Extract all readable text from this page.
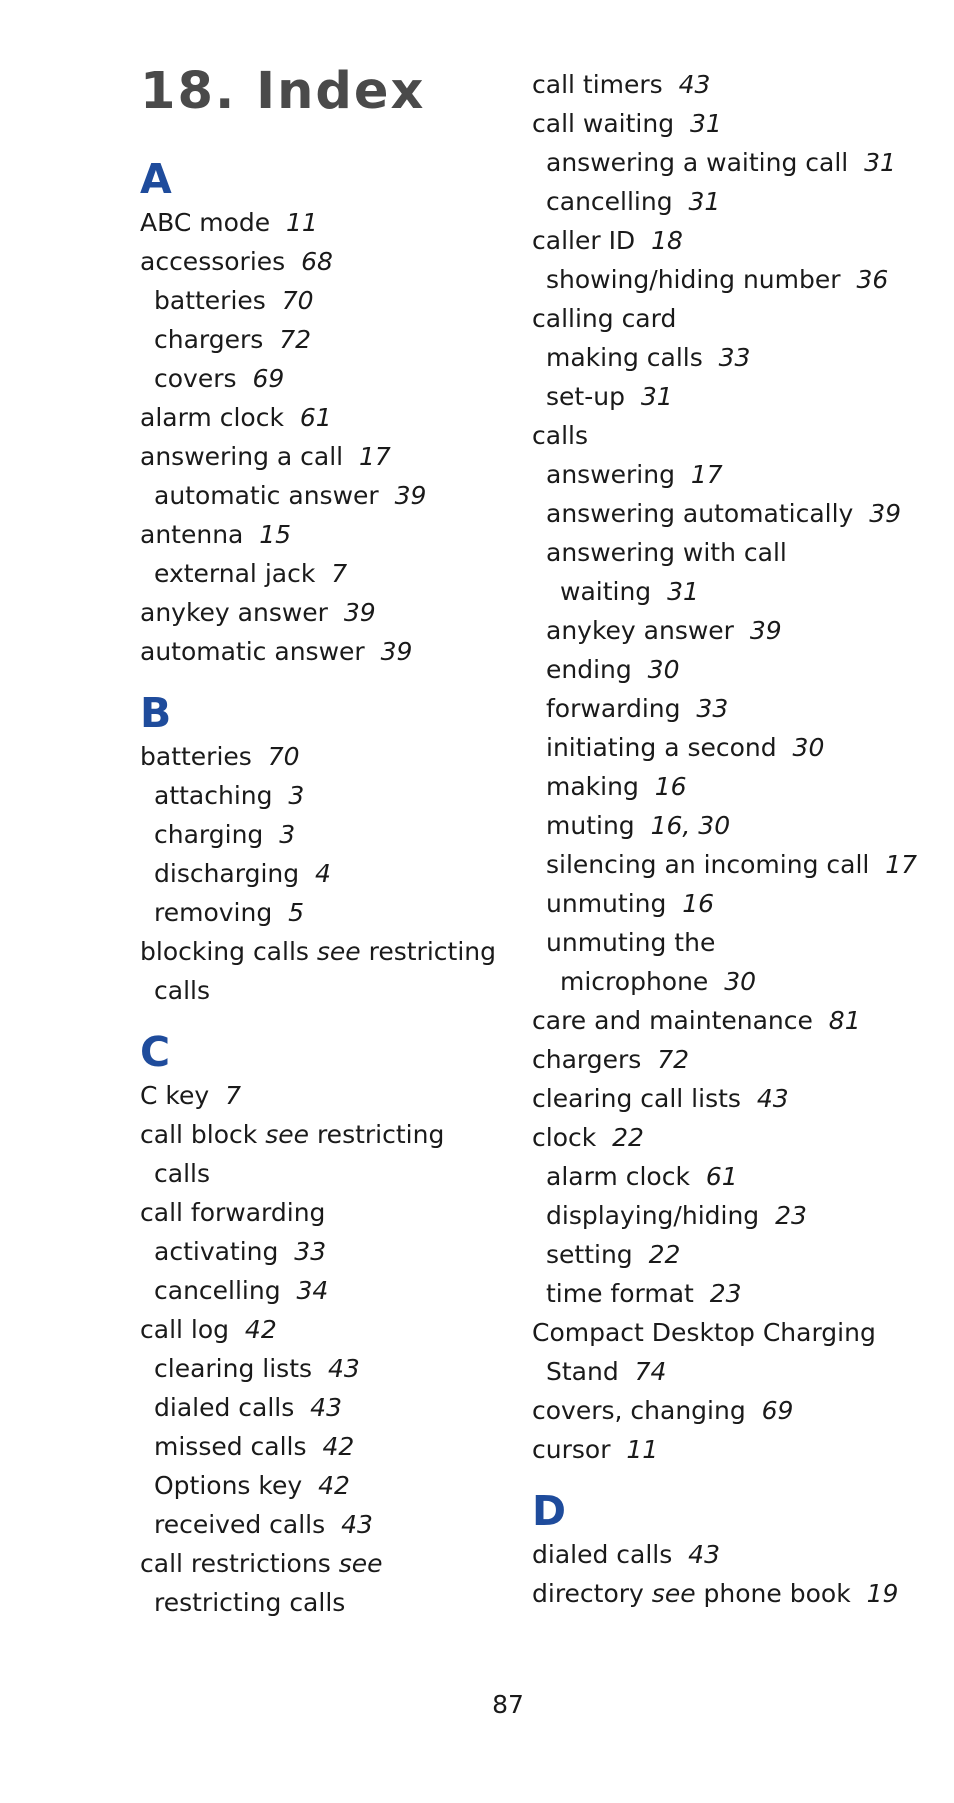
18. Index
A
ABC mode 11
accessories 68
batteries 70
chargers 72
covers 69
alarm clock 61
answering a call 17
automatic answer 39
antenna 15
external jack 7
anykey answer 39
automatic answer 39
B
batteries 70
attaching 3
charging 3
discharging 4
removing 5
blocking calls see restricting
calls
C
C key 7
call block see restricting
calls
call forwarding
activating 33
cancelling 34
call log 42
clearing lists 43
dialed calls 43
missed calls 42
Options key 42
received calls 43
call restrictions see
restricting calls
call timers 43
call waiting 31
answering a waiting call 31
cancelling 31
caller ID 18
showing/hiding number 36
calling card
making calls 33
set-up 31
calls
answering 17
answering automatically 39
answering with call
waiting 31
anykey answer 39
ending 30
forwarding 33
initiating a second 30
making 16
muting 16, 30
silencing an incoming call 17
unmuting 16
unmuting the
microphone 30
care and maintenance 81
chargers 72
clearing call lists 43
clock 22
alarm clock 61
displaying/hiding 23
setting 22
time format 23
Compact Desktop Charging
Stand 74
covers, changing 69
cursor 11
D
dialed calls 43
directory see phone book 19
87
